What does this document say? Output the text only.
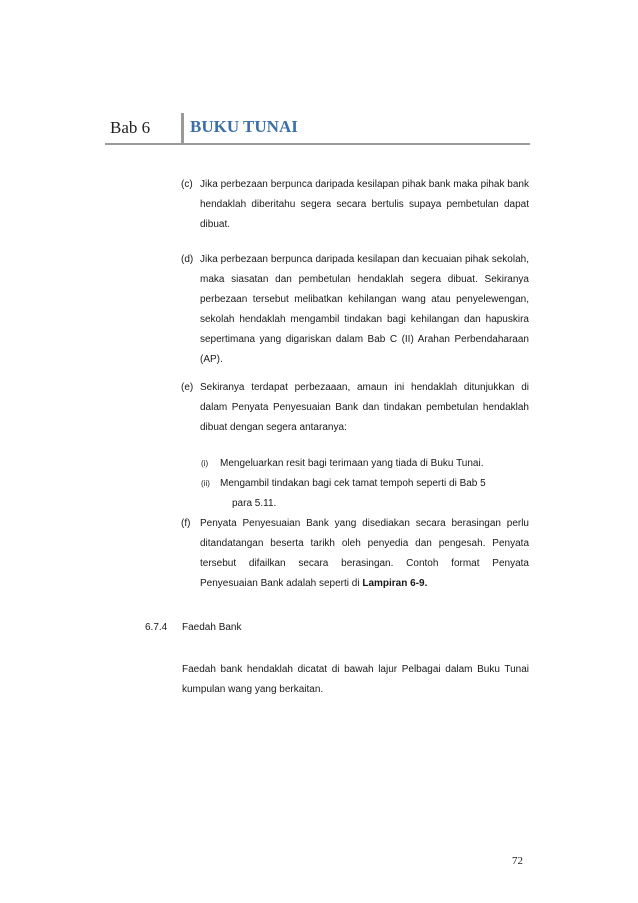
Bab 6 BUKU TUNAI
(c) Jika perbezaan berpunca daripada kesilapan pihak bank maka pihak bank hendaklah diberitahu segera secara bertulis supaya pembetulan dapat dibuat.
(d) Jika perbezaan berpunca daripada kesilapan dan kecuaian pihak sekolah, maka siasatan dan pembetulan hendaklah segera dibuat. Sekiranya perbezaan tersebut melibatkan kehilangan wang atau penyelewengan, sekolah hendaklah mengambil tindakan bagi kehilangan dan hapuskira sepertimana yang digariskan dalam Bab C (II) Arahan Perbendaharaan (AP).
(e) Sekiranya terdapat perbezaaan, amaun ini hendaklah ditunjukkan di dalam Penyata Penyesuaian Bank dan tindakan pembetulan hendaklah dibuat dengan segera antaranya:
(i) Mengeluarkan resit bagi terimaan yang tiada di Buku Tunai.
(ii) Mengambil tindakan bagi cek tamat tempoh seperti di Bab 5
para 5.11.
(f) Penyata Penyesuaian Bank yang disediakan secara berasingan perlu ditandatangan beserta tarikh oleh penyedia dan pengesah. Penyata tersebut difailkan secara berasingan. Contoh format Penyata Penyesuaian Bank adalah seperti di Lampiran 6-9.
6.7.4 Faedah Bank
Faedah bank hendaklah dicatat di bawah lajur Pelbagai dalam Buku Tunai kumpulan wang yang berkaitan.
72
